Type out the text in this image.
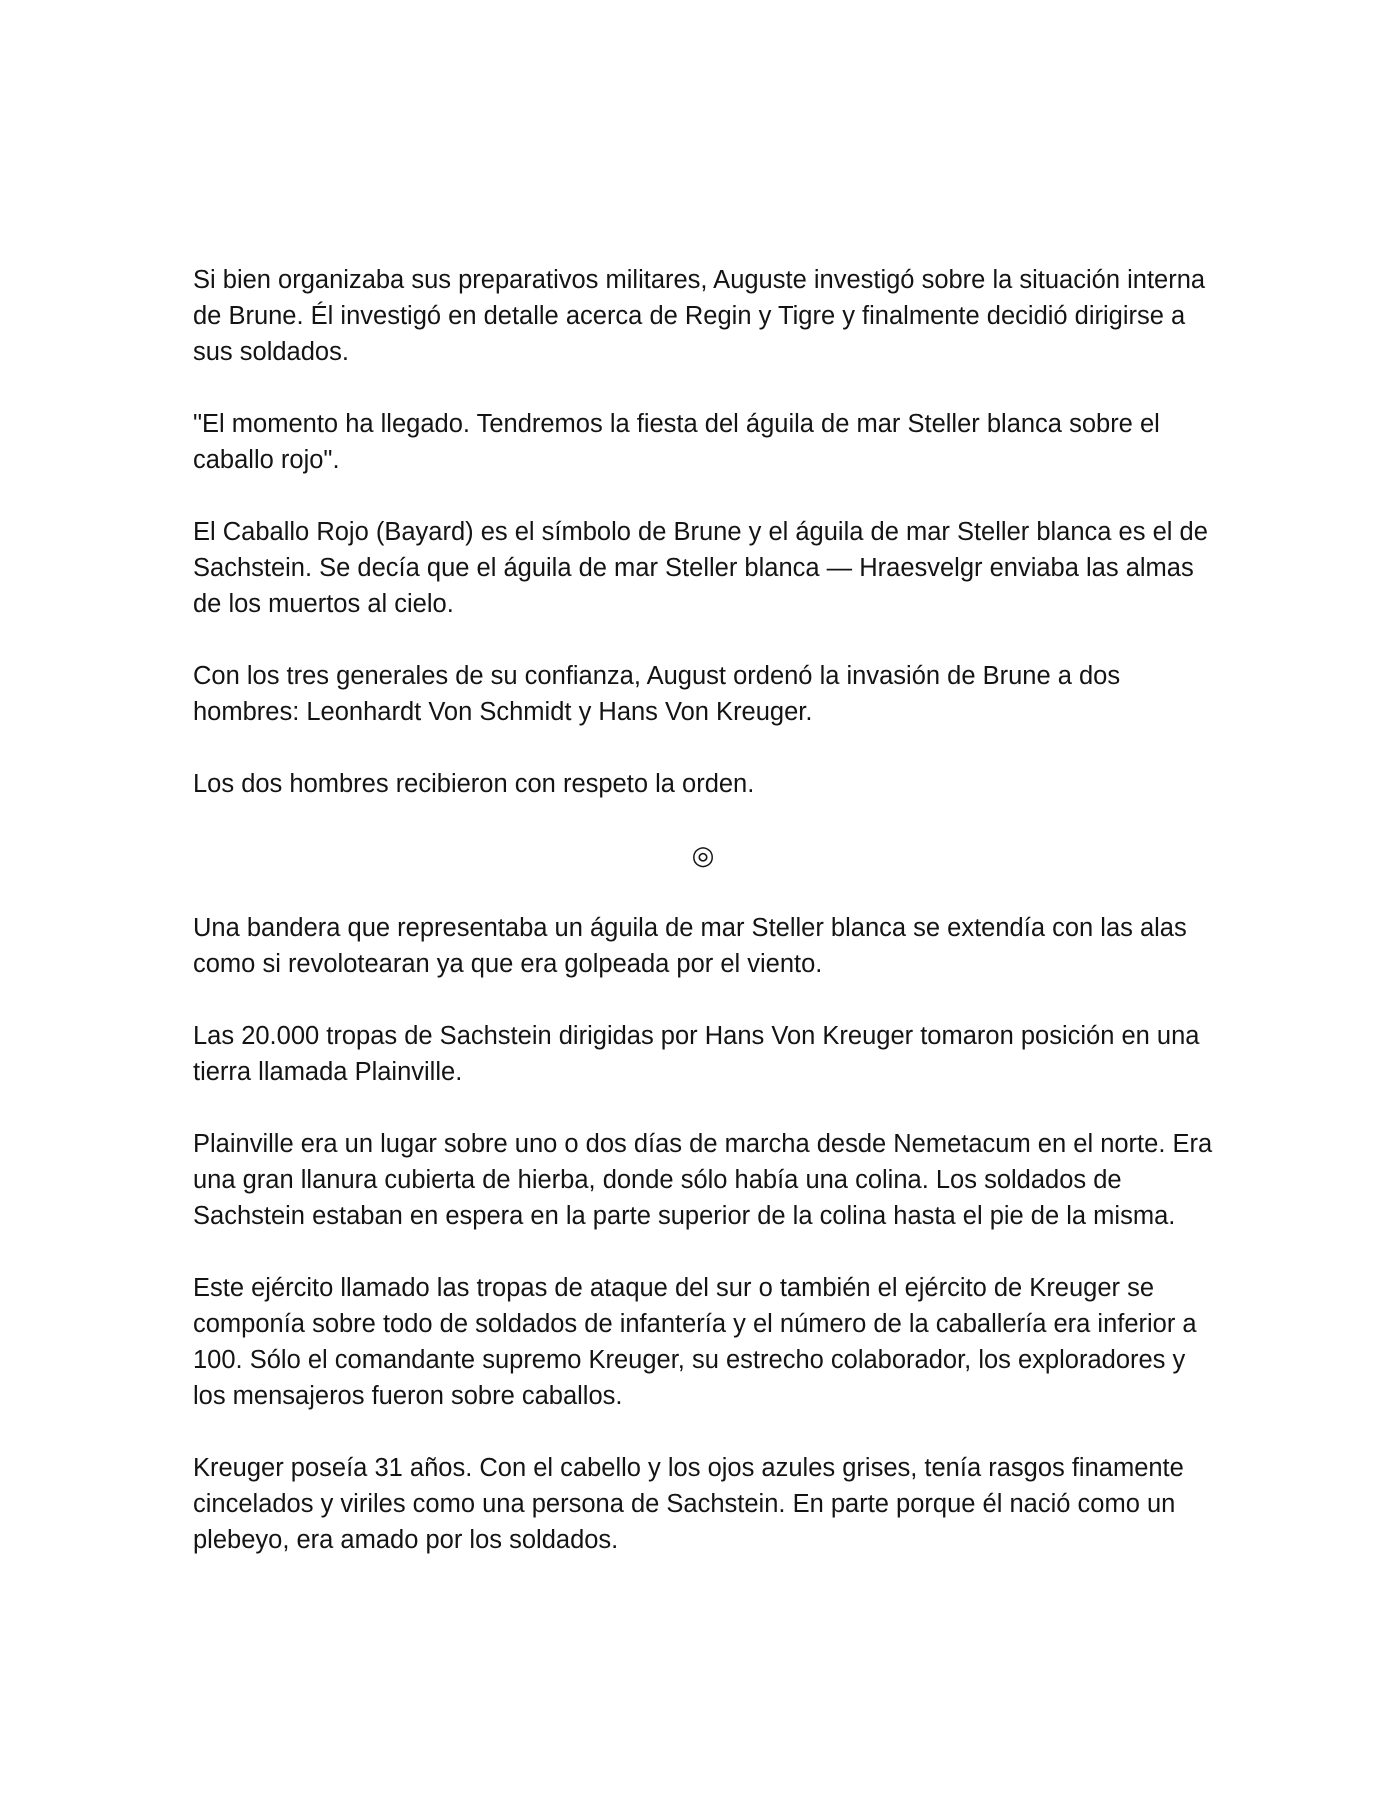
Si bien organizaba sus preparativos militares, Auguste investigó sobre la situación interna de Brune. Él investigó en detalle acerca de Regin y Tigre y finalmente decidió dirigirse a sus soldados.

"El momento ha llegado. Tendremos la fiesta del águila de mar Steller blanca sobre el caballo rojo".

El Caballo Rojo (Bayard) es el símbolo de Brune y el águila de mar Steller blanca es el de Sachstein. Se decía que el águila de mar Steller blanca — Hraesvelgr enviaba las almas de los muertos al cielo.

Con los tres generales de su confianza, August ordenó la invasión de Brune a dos hombres: Leonhardt Von Schmidt y Hans Von Kreuger.

Los dos hombres recibieron con respeto la orden.

◎

Una bandera que representaba un águila de mar Steller blanca se extendía con las alas como si revolotearan ya que era golpeada por el viento.

Las 20.000 tropas de Sachstein dirigidas por Hans Von Kreuger tomaron posición en una tierra llamada Plainville.

Plainville era un lugar sobre uno o dos días de marcha desde Nemetacum en el norte. Era una gran llanura cubierta de hierba, donde sólo había una colina. Los soldados de Sachstein estaban en espera en la parte superior de la colina hasta el pie de la misma.

Este ejército llamado las tropas de ataque del sur o también el ejército de Kreuger se componía sobre todo de soldados de infantería y el número de la caballería era inferior a 100. Sólo el comandante supremo Kreuger, su estrecho colaborador, los exploradores y los mensajeros fueron sobre caballos.

Kreuger poseía 31 años. Con el cabello y los ojos azules grises, tenía rasgos finamente cincelados y viriles como una persona de Sachstein. En parte porque él nació como un plebeyo, era amado por los soldados.
